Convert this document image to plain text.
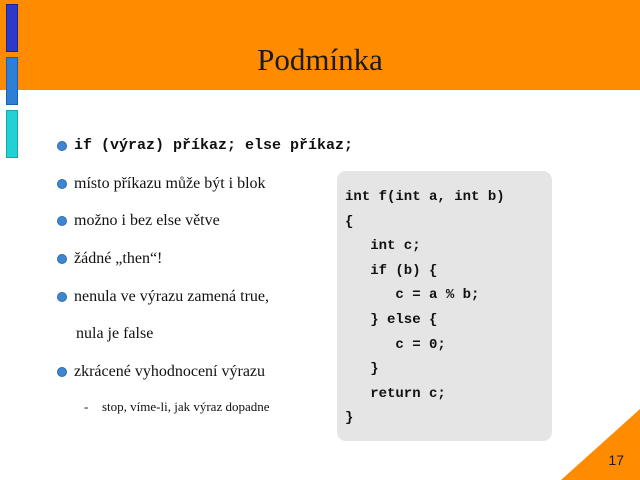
Podmínka
if (výraz) příkaz; else příkaz;
místo příkazu může být i blok
možno i bez else větve
žádné „then“!
nenula ve výrazu zamená true,
nula je false
zkrácené vyhodnocení výrazu
- stop, víme-li, jak výraz dopadne
int f(int a, int b)
{
int c;
if (b) {
c = a % b;
} else {
c = 0;
}
return c;
}
17
